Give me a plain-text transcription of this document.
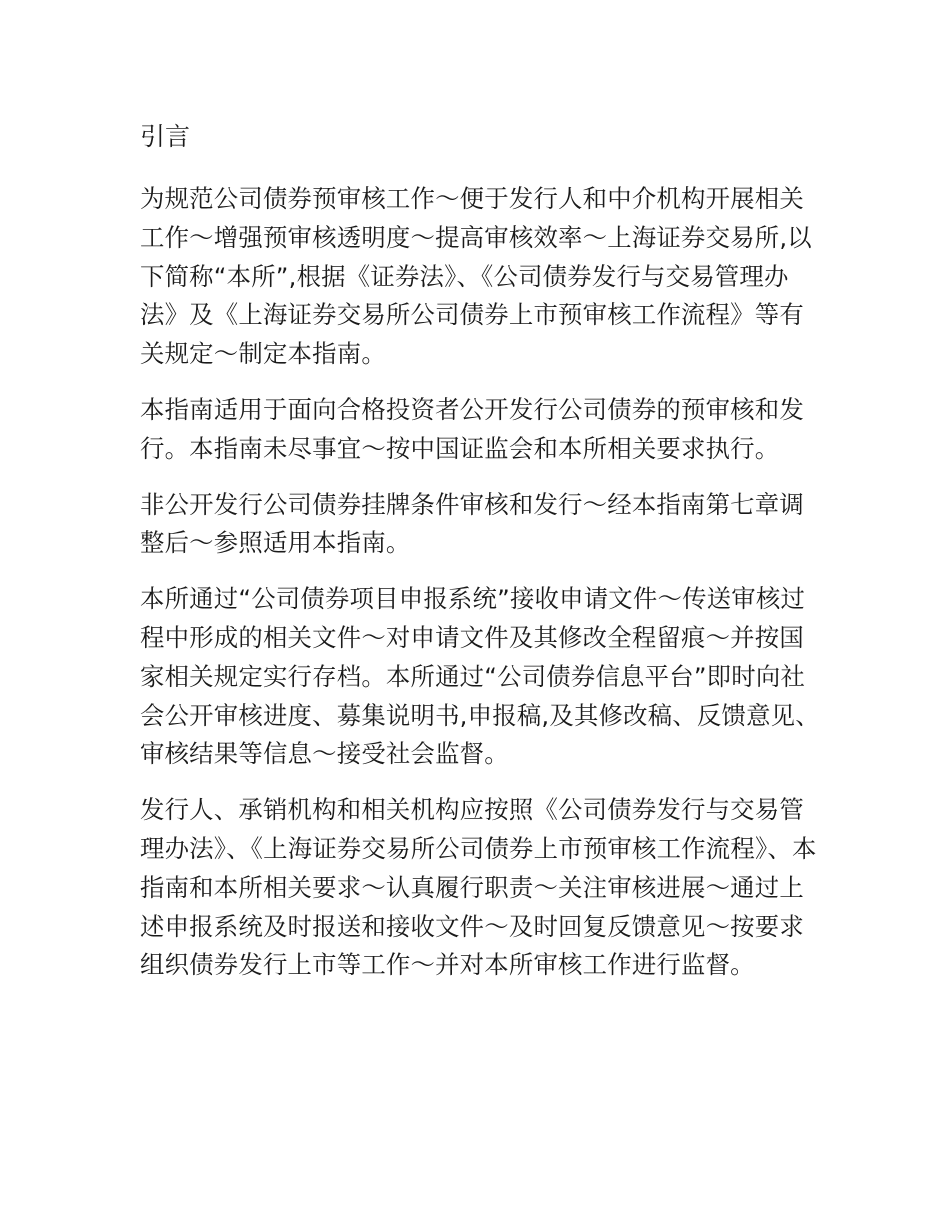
引言

为规范公司债券预审核工作～便于发行人和中介机构开展相关工作～增强预审核透明度～提高审核效率～上海证券交易所,以下简称“本所”,根据《证券法》、《公司债券发行与交易管理办法》及《上海证券交易所公司债券上市预审核工作流程》等有关规定～制定本指南。

本指南适用于面向合格投资者公开发行公司债券的预审核和发行。本指南未尽事宜～按中国证监会和本所相关要求执行。

非公开发行公司债券挂牌条件审核和发行～经本指南第七章调整后～参照适用本指南。

本所通过“公司债券项目申报系统”接收申请文件～传送审核过程中形成的相关文件～对申请文件及其修改全程留痕～并按国家相关规定实行存档。本所通过“公司债券信息平台”即时向社会公开审核进度、募集说明书,申报稿,及其修改稿、反馈意见、审核结果等信息～接受社会监督。

发行人、承销机构和相关机构应按照《公司债券发行与交易管理办法》、《上海证券交易所公司债券上市预审核工作流程》、本指南和本所相关要求～认真履行职责～关注审核进展～通过上述申报系统及时报送和接收文件～及时回复反馈意见～按要求组织债券发行上市等工作～并对本所审核工作进行监督。
